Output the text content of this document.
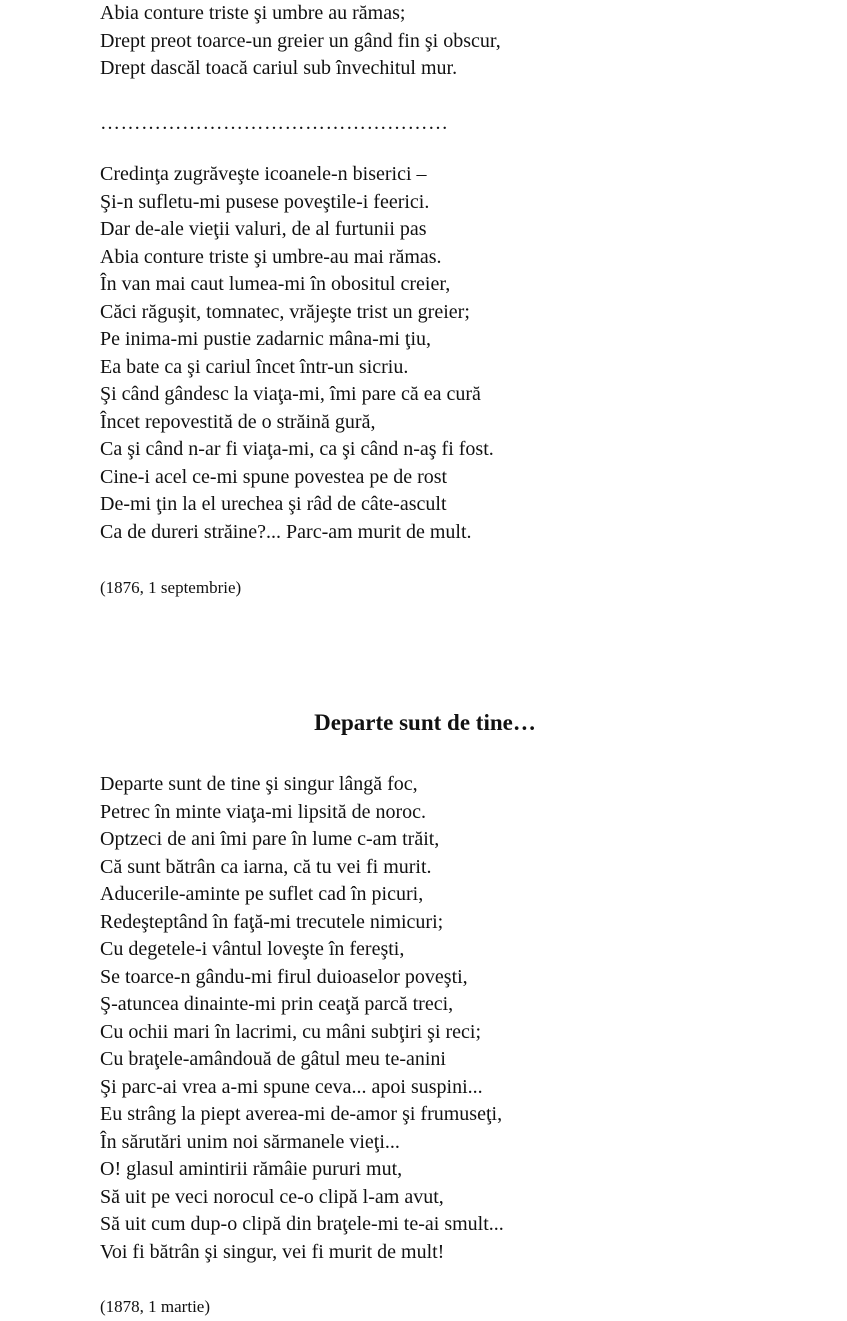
Abia conture triste şi umbre au rămas;
Drept preot toarce-un greier un gând fin şi obscur,
Drept dascăl toacă cariul sub învechitul mur.
……………………………………………
Credinţa zugrăveşte icoanele-n biserici –
Şi-n sufletu-mi pusese poveştile-i feerici.
Dar de-ale vieţii valuri, de al furtunii pas
Abia conture triste şi umbre-au mai rămas.
În van mai caut lumea-mi în obositul creier,
Căci răguşit, tomnatec, vrăjeşte trist un greier;
Pe inima-mi pustie zadarnic mâna-mi ţiu,
Ea bate ca şi cariul încet într-un sicriu.
Şi când gândesc la viaţa-mi, îmi pare că ea cură
Încet repovestită de o străină gură,
Ca şi când n-ar fi viaţa-mi, ca şi când n-aş fi fost.
Cine-i acel ce-mi spune povestea pe de rost
De-mi ţin la el urechea şi râd de câte-ascult
Ca de dureri străine?... Parc-am murit de mult.
(1876, 1 septembrie)
Departe sunt de tine…
Departe sunt de tine şi singur lângă foc,
Petrec în minte viaţa-mi lipsită de noroc.
Optzeci de ani îmi pare în lume c-am trăit,
Că sunt bătrân ca iarna, că tu vei fi murit.
Aducerile-aminte pe suflet cad în picuri,
Redeşteptând în faţă-mi trecutele nimicuri;
Cu degetele-i vântul loveşte în fereşti,
Se toarce-n gându-mi firul duioaselor poveşti,
Ş-atuncea dinainte-mi prin ceaţă parcă treci,
Cu ochii mari în lacrimi, cu mâni subţiri şi reci;
Cu braţele-amândouă de gâtul meu te-anini
Şi parc-ai vrea a-mi spune ceva... apoi suspini...
Eu strâng la piept averea-mi de-amor şi frumuseţi,
În sărutări unim noi sărmanele vieţi...
O! glasul amintirii rămâie pururi mut,
Să uit pe veci norocul ce-o clipă l-am avut,
Să uit cum dup-o clipă din braţele-mi te-ai smult...
Voi fi bătrân şi singur, vei fi murit de mult!
(1878, 1 martie)
